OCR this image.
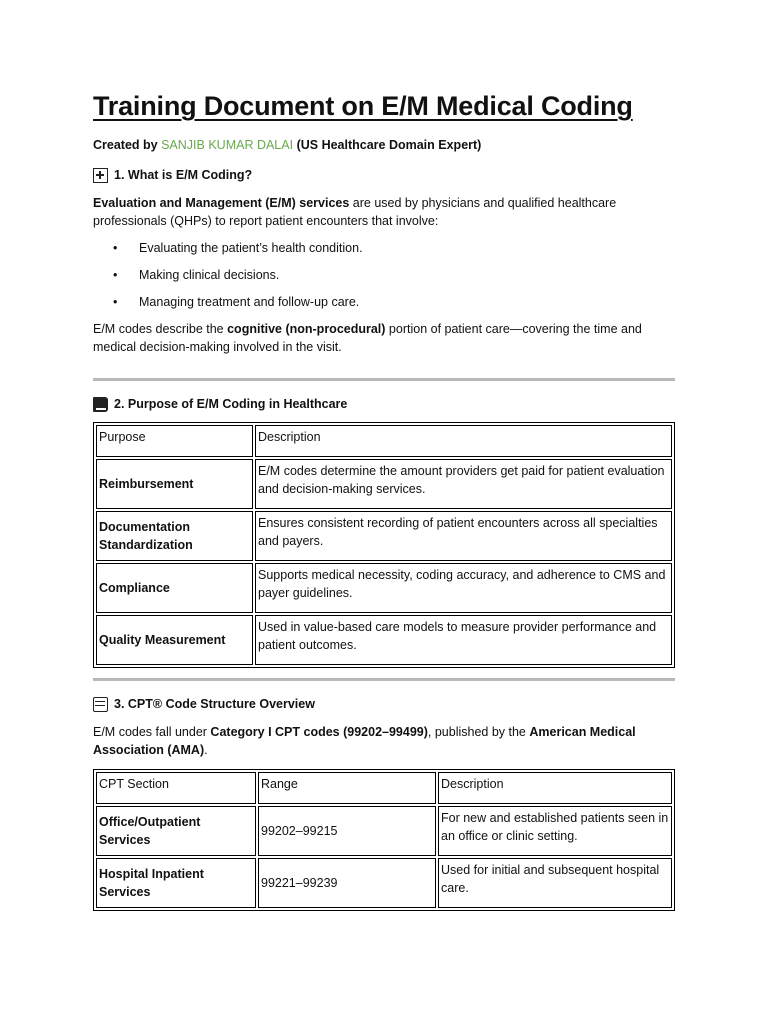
Training Document on E/M Medical Coding
Created by SANJIB KUMAR DALAI (US Healthcare Domain Expert)
1. What is E/M Coding?

Evaluation and Management (E/M) services are used by physicians and qualified healthcare professionals (QHPs) to report patient encounters that involve:

• Evaluating the patient’s health condition.
• Making clinical decisions.
• Managing treatment and follow-up care.

E/M codes describe the cognitive (non-procedural) portion of patient care—covering the time and medical decision-making involved in the visit.

2. Purpose of E/M Coding in Healthcare
Purpose	Description
Reimbursement	E/M codes determine the amount providers get paid for patient evaluation and decision-making services.
Documentation Standardization	Ensures consistent recording of patient encounters across all specialties and payers.
Compliance	Supports medical necessity, coding accuracy, and adherence to CMS and payer guidelines.
Quality Measurement	Used in value-based care models to measure provider performance and patient outcomes.
3. CPT® Code Structure Overview

E/M codes fall under Category I CPT codes (99202–99499), published by the American Medical Association (AMA).

CPT Section	Range	Description
Office/Outpatient Services	99202–99215	For new and established patients seen in an office or clinic setting.
Hospital Inpatient Services	99221–99239	Used for initial and subsequent hospital care.
